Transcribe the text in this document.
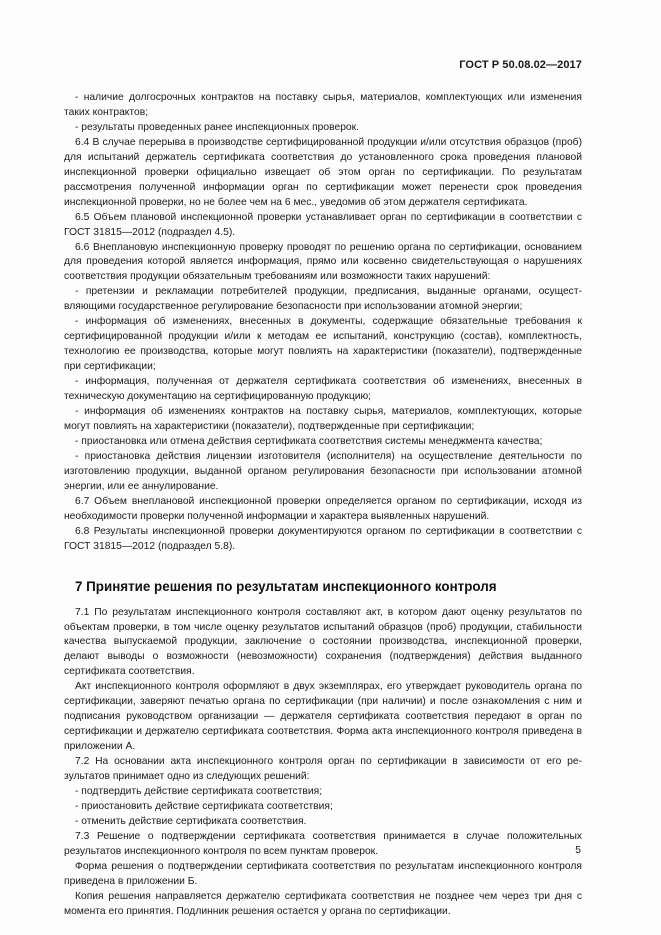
ГОСТ Р 50.08.02—2017

- наличие долгосрочных контрактов на поставку сырья, материалов, комплектующих или изменения таких контрактов;

- результаты проведенных ранее инспекционных проверок.

6.4 В случае перерыва в производстве сертифицированной продукции и/или отсутствия образцов (проб) для испытаний держатель сертификата соответствия до установленного срока проведения плановой инспекционной проверки официально извещает об этом орган по сертификации. По результатам рассмотрения полученной информации орган по сертификации может перенести срок проведения инспекционной проверки, но не более чем на 6 мес., уведомив об этом держателя сертификата.

6.5 Объем плановой инспекционной проверки устанавливает орган по сертификации в соответствии с ГОСТ 31815—2012 (подраздел 4.5).

6.6 Внеплановую инспекционную проверку проводят по решению органа по сертификации, основанием для проведения которой является информация, прямо или косвенно свидетельствующая о нарушениях соответствия продукции обязательным требованиям или возможности таких нарушений:

- претензии и рекламации потребителей продукции, предписания, выданные органами, осуществляющими государственное регулирование безопасности при использовании атомной энергии;

- информация об изменениях, внесенных в документы, содержащие обязательные требования к сертифицированной продукции и/или к методам ее испытаний, конструкцию (состав), комплектность, технологию ее производства, которые могут повлиять на характеристики (показатели), подтвержденные при сертификации;

- информация, полученная от держателя сертификата соответствия об изменениях, внесенных в техническую документацию на сертифицированную продукцию;

- информация об изменениях контрактов на поставку сырья, материалов, комплектующих, которые могут повлиять на характеристики (показатели), подтвержденные при сертификации;

- приостановка или отмена действия сертификата соответствия системы менеджмента качества;

- приостановка действия лицензии изготовителя (исполнителя) на осуществление деятельности по изготовлению продукции, выданной органом регулирования безопасности при использовании атомной энергии, или ее аннулирование.

6.7 Объем внеплановой инспекционной проверки определяется органом по сертификации, исходя из необходимости проверки полученной информации и характера выявленных нарушений.

6.8 Результаты инспекционной проверки документируются органом по сертификации в соответствии с ГОСТ 31815—2012 (подраздел 5.8).

7 Принятие решения по результатам инспекционного контроля

7.1 По результатам инспекционного контроля составляют акт, в котором дают оценку результатов по объектам проверки, в том числе оценку результатов испытаний образцов (проб) продукции, стабильности качества выпускаемой продукции, заключение о состоянии производства, инспекционной проверки, делают выводы о возможности (невозможности) сохранения (подтверждения) действия выданного сертификата соответствия.

Акт инспекционного контроля оформляют в двух экземплярах, его утверждает руководитель органа по сертификации, заверяют печатью органа по сертификации (при наличии) и после ознакомления с ним и подписания руководством организации — держателя сертификата соответствия передают в орган по сертификации и держателю сертификата соответствия. Форма акта инспекционного контроля приведена в приложении А.

7.2 На основании акта инспекционного контроля орган по сертификации в зависимости от его результатов принимает одно из следующих решений:

- подтвердить действие сертификата соответствия;

- приостановить действие сертификата соответствия;

- отменить действие сертификата соответствия.

7.3 Решение о подтверждении сертификата соответствия принимается в случае положительных результатов инспекционного контроля по всем пунктам проверок.

Форма решения о подтверждении сертификата соответствия по результатам инспекционного контроля приведена в приложении Б.

Копия решения направляется держателю сертификата соответствия не позднее чем через три дня с момента его принятия. Подлинник решения остается у органа по сертификации.

5
